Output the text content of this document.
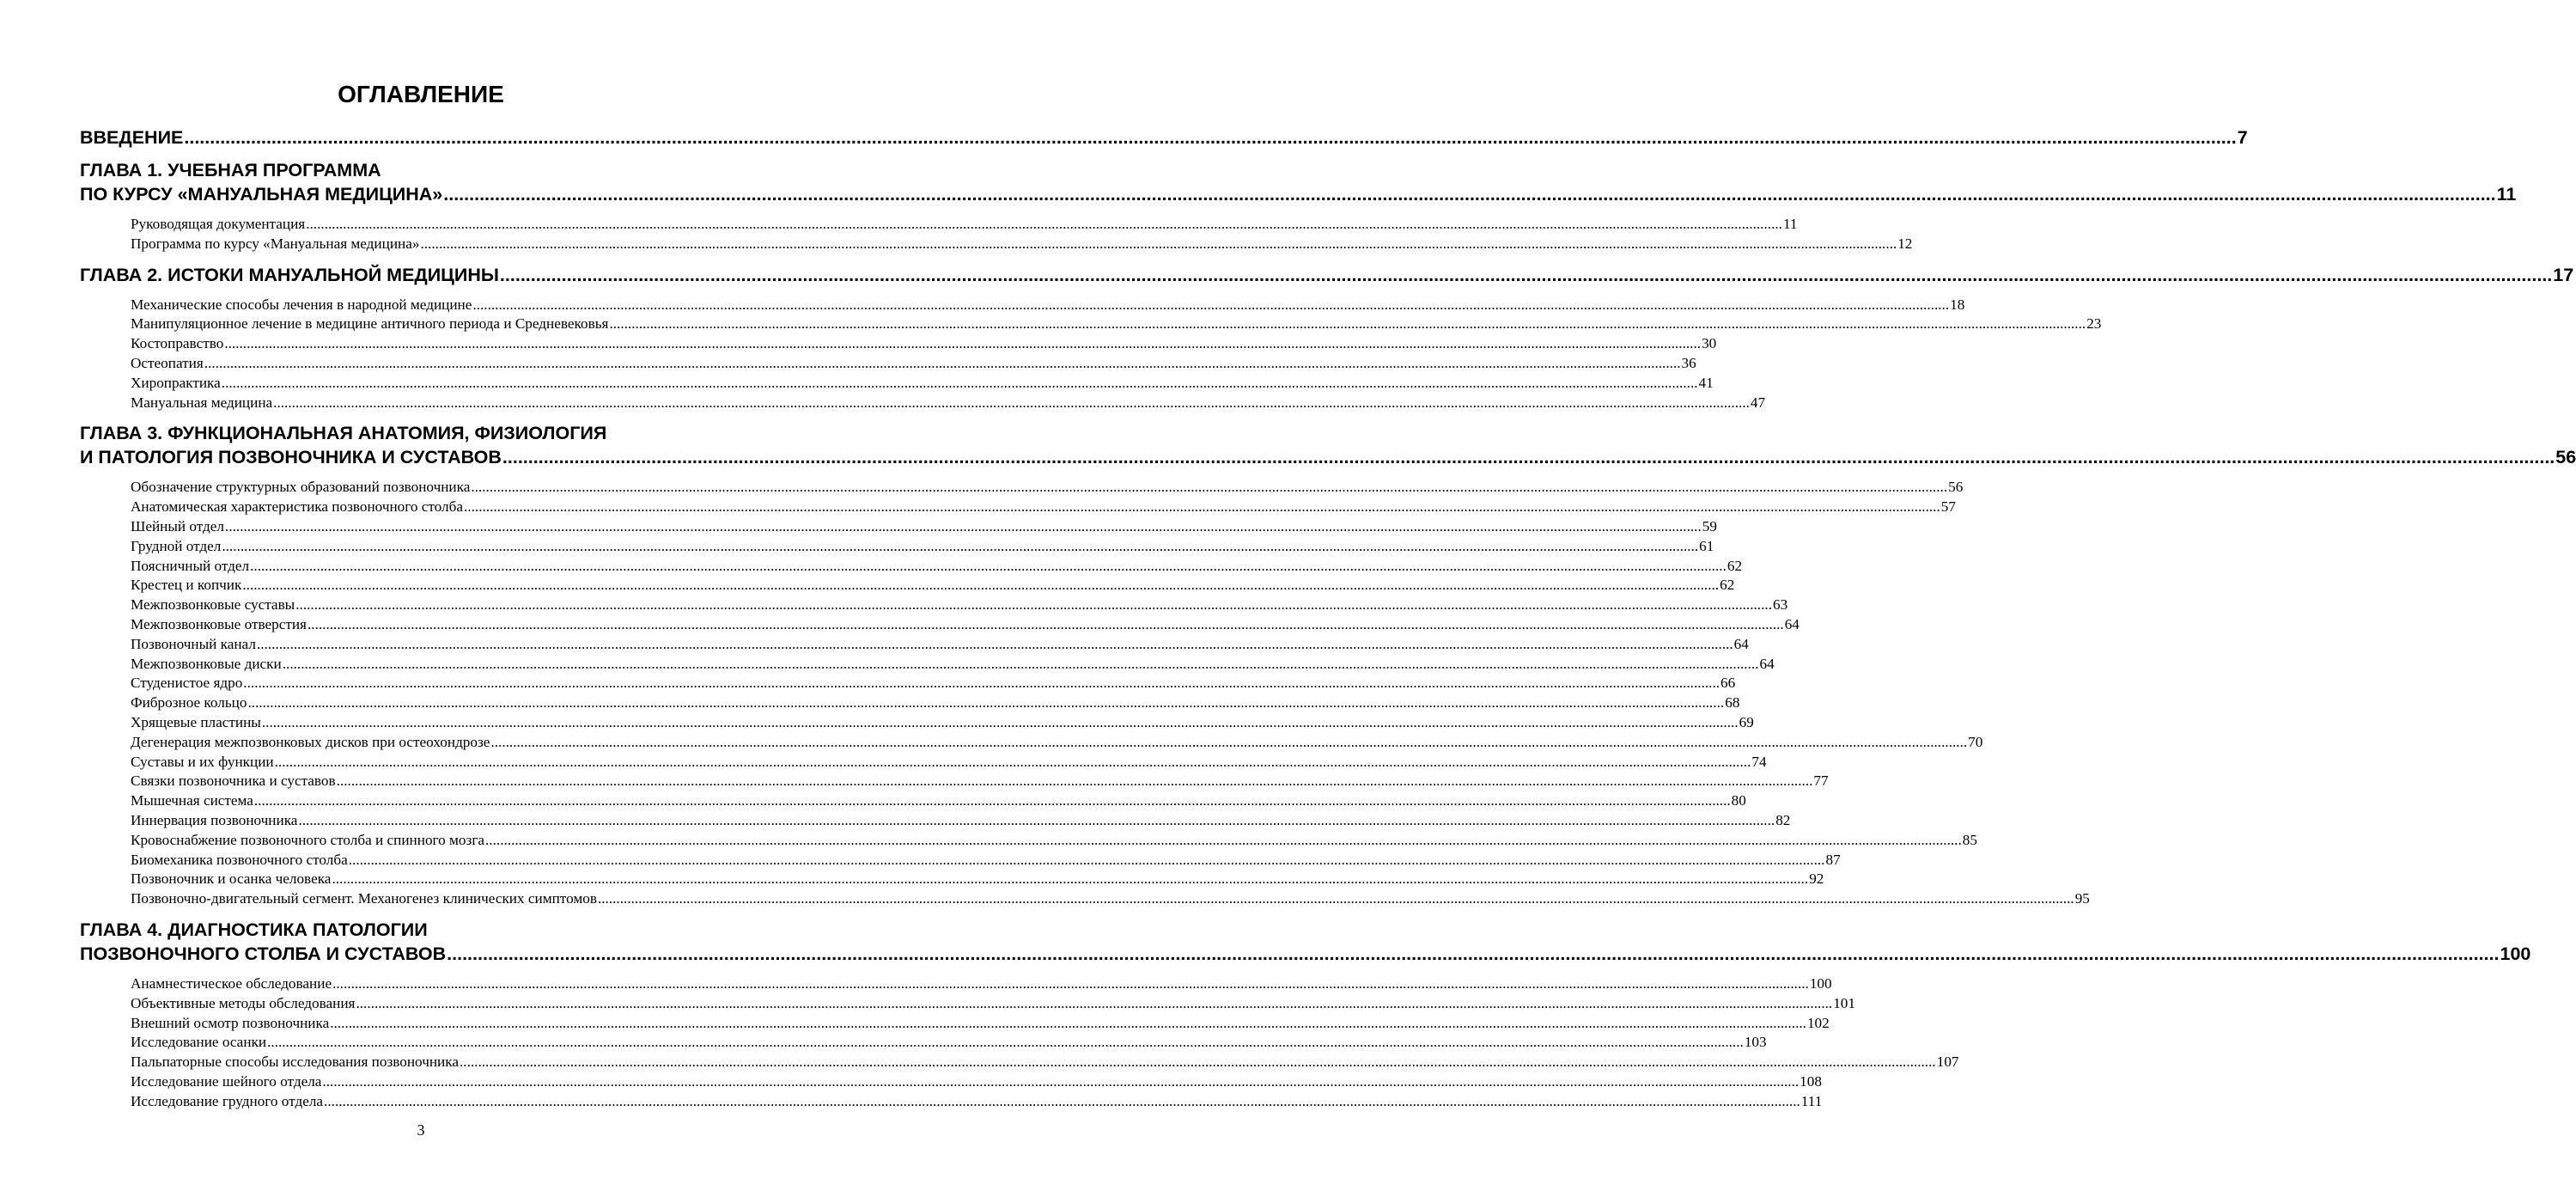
ОГЛАВЛЕНИЕ
ВВЕДЕНИЕ ................................................................................................................................................................................................................................................................................................................................................................................................................ 7
ГЛАВА 1. УЧЕБНАЯ ПРОГРАММА
ПО КУРСУ «МАНУАЛЬНАЯ МЕДИЦИНА» ................................................................................................................................................................................................................................................................................................................................................................................................................ 11
Руководящая документация ................................................................................................................................................................................................................................................................................................................................................................................................................ 11
Программа по курсу «Мануальная медицина» ................................................................................................................................................................................................................................................................................................................................................................................................................ 12
ГЛАВА 2. ИСТОКИ МАНУАЛЬНОЙ МЕДИЦИНЫ ................................................................................................................................................................................................................................................................................................................................................................................................................ 17
Механические способы лечения в народной медицине ................................................................................................................................................................................................................................................................................................................................................................................................................ 18
Манипуляционное лечение в медицине античного периода и Средневековья ................................................................................................................................................................................................................................................................................................................................................................................................................ 23
Костоправство ................................................................................................................................................................................................................................................................................................................................................................................................................ 30
Остеопатия ................................................................................................................................................................................................................................................................................................................................................................................................................ 36
Хиропрактика ................................................................................................................................................................................................................................................................................................................................................................................................................ 41
Мануальная медицина ................................................................................................................................................................................................................................................................................................................................................................................................................ 47
ГЛАВА 3. ФУНКЦИОНАЛЬНАЯ АНАТОМИЯ, ФИЗИОЛОГИЯ
И ПАТОЛОГИЯ ПОЗВОНОЧНИКА И СУСТАВОВ ................................................................................................................................................................................................................................................................................................................................................................................................................ 56
Обозначение структурных образований позвоночника ................................................................................................................................................................................................................................................................................................................................................................................................................ 56
Анатомическая характеристика позвоночного столба ................................................................................................................................................................................................................................................................................................................................................................................................................ 57
Шейный отдел ................................................................................................................................................................................................................................................................................................................................................................................................................ 59
Грудной отдел ................................................................................................................................................................................................................................................................................................................................................................................................................ 61
Поясничный отдел ................................................................................................................................................................................................................................................................................................................................................................................................................ 62
Крестец и копчик ................................................................................................................................................................................................................................................................................................................................................................................................................ 62
Межпозвонковые суставы ................................................................................................................................................................................................................................................................................................................................................................................................................ 63
Межпозвонковые отверстия ................................................................................................................................................................................................................................................................................................................................................................................................................ 64
Позвоночный канал ................................................................................................................................................................................................................................................................................................................................................................................................................ 64
Межпозвонковые диски ................................................................................................................................................................................................................................................................................................................................................................................................................ 64
Студенистое ядро ................................................................................................................................................................................................................................................................................................................................................................................................................ 66
Фиброзное кольцо ................................................................................................................................................................................................................................................................................................................................................................................................................ 68
Хрящевые пластины ................................................................................................................................................................................................................................................................................................................................................................................................................ 69
Дегенерация межпозвонковых дисков при остеохондрозе ................................................................................................................................................................................................................................................................................................................................................................................................................ 70
Суставы и их функции ................................................................................................................................................................................................................................................................................................................................................................................................................ 74
Связки позвоночника и суставов ................................................................................................................................................................................................................................................................................................................................................................................................................ 77
Мышечная система ................................................................................................................................................................................................................................................................................................................................................................................................................ 80
Иннервация позвоночника ................................................................................................................................................................................................................................................................................................................................................................................................................ 82
Кровоснабжение позвоночного столба и спинного мозга ................................................................................................................................................................................................................................................................................................................................................................................................................ 85
Биомеханика позвоночного столба ................................................................................................................................................................................................................................................................................................................................................................................................................ 87
Позвоночник и осанка человека ................................................................................................................................................................................................................................................................................................................................................................................................................ 92
Позвоночно-двигательный сегмент. Механогенез клинических симптомов ................................................................................................................................................................................................................................................................................................................................................................................................................ 95
ГЛАВА 4. ДИАГНОСТИКА ПАТОЛОГИИ
ПОЗВОНОЧНОГО СТОЛБА И СУСТАВОВ ................................................................................................................................................................................................................................................................................................................................................................................................................ 100
Анамнестическое обследование ................................................................................................................................................................................................................................................................................................................................................................................................................ 100
Объективные методы обследования ................................................................................................................................................................................................................................................................................................................................................................................................................ 101
Внешний осмотр позвоночника ................................................................................................................................................................................................................................................................................................................................................................................................................ 102
Исследование осанки ................................................................................................................................................................................................................................................................................................................................................................................................................ 103
Пальпаторные способы исследования позвоночника ................................................................................................................................................................................................................................................................................................................................................................................................................ 107
Исследование шейного отдела ................................................................................................................................................................................................................................................................................................................................................................................................................ 108
Исследование грудного отдела ................................................................................................................................................................................................................................................................................................................................................................................................................ 111
3
